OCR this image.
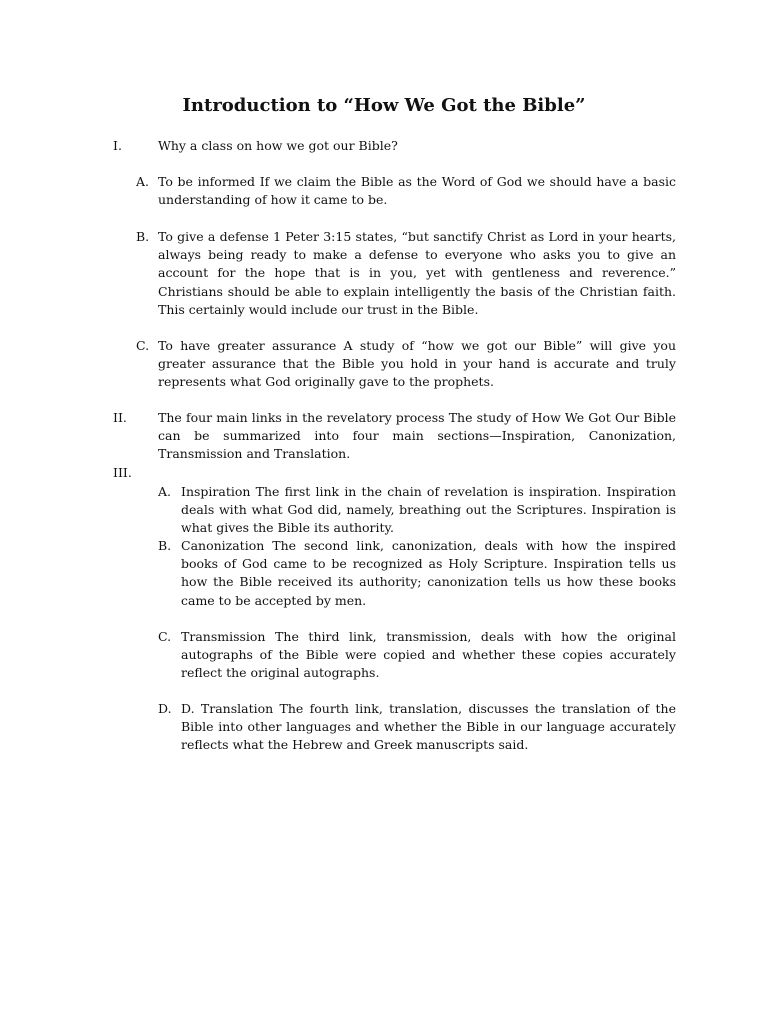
Introduction to “How We Got the Bible”
I.	Why a class on how we got our Bible?
A. To be informed If we claim the Bible as the Word of God we should have a basic understanding of how it came to be.
B. To give a defense 1 Peter 3:15 states, “but sanctify Christ as Lord in your hearts, always being ready to make a defense to everyone who asks you to give an account for the hope that is in you, yet with gentleness and reverence.” Christians should be able to explain intelligently the basis of the Christian faith. This certainly would include our trust in the Bible.
C. To have greater assurance A study of “how we got our Bible” will give you greater assurance that the Bible you hold in your hand is accurate and truly represents what God originally gave to the prophets.
II. The four main links in the revelatory process The study of How We Got Our Bible can be summarized into four main sections—Inspiration, Canonization, Transmission and Translation.
III.
A. Inspiration The first link in the chain of revelation is inspiration. Inspiration deals with what God did, namely, breathing out the Scriptures. Inspiration is what gives the Bible its authority.
B. Canonization The second link, canonization, deals with how the inspired books of God came to be recognized as Holy Scripture. Inspiration tells us how the Bible received its authority; canonization tells us how these books came to be accepted by men.
C. Transmission The third link, transmission, deals with how the original autographs of the Bible were copied and whether these copies accurately reflect the original autographs.
D. D. Translation The fourth link, translation, discusses the translation of the Bible into other languages and whether the Bible in our language accurately reflects what the Hebrew and Greek manuscripts said.
